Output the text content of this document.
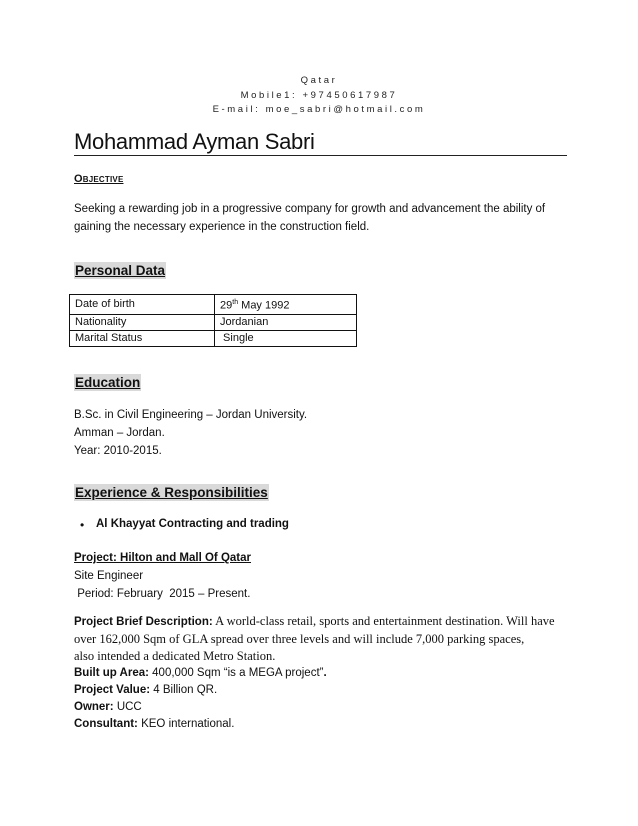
Qatar
Mobile1: +97450617987
E-mail: moe_sabri@hotmail.com
Mohammad Ayman Sabri
Objective
Seeking a rewarding job in a progressive company for growth and advancement the ability of
gaining the necessary experience in the construction field.
Personal Data
Date of birth	29th May 1992
Nationality	Jordanian
Marital Status	Single
Education
B.Sc. in Civil Engineering – Jordan University.
Amman – Jordan.
Year: 2010-2015.
Experience & Responsibilities
• Al Khayyat Contracting and trading
Project: Hilton and Mall Of Qatar
Site Engineer
Period: February  2015 – Present.
Project Brief Description: A world-class retail, sports and entertainment destination. Will have
over 162,000 Sqm of GLA spread over three levels and will include 7,000 parking spaces,
also intended a dedicated Metro Station.
Built up Area: 400,000 Sqm “is a MEGA project”.
Project Value: 4 Billion QR.
Owner: UCC
Consultant: KEO international.
